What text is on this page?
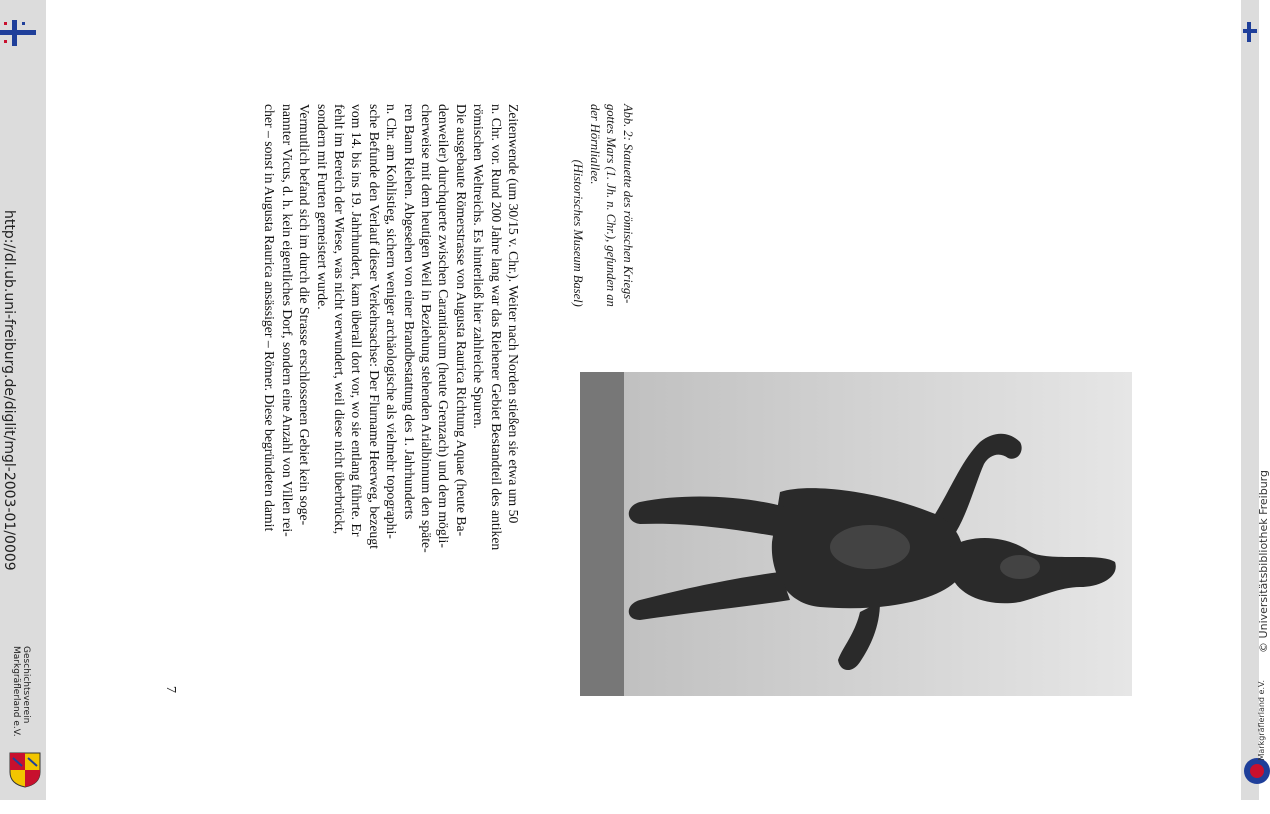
http://dl.ub.uni-freiburg.de/diglit/mgl-2003-01/0009
Geschichtsverein
Markgräflerland e.V.
© Universitätsbibliothek Freiburg
Markgräflerland e.V.
Abb. 2: Statuette des römischen Kriegs-
gottes Mars (1. Jh. n. Chr.), gefunden an
der Hörnliallee.
(Historisches Museum Basel)
Zeitenwende (um 30/15 v. Chr.). Weiter nach Norden stießen sie etwa um 50
n. Chr. vor. Rund 200 Jahre lang war das Riehener Gebiet Bestandteil des antiken
römischen Weltreichs. Es hinterließ hier zahlreiche Spuren.
Die ausgebaute Römerstrasse von Augusta Raurica Richtung Aquae (heute Ba-
denweiler) durchquerte zwischen Carantiacum (heute Grenzach) und dem mögli-
cherweise mit dem heutigen Weil in Beziehung stehenden Arialbinnum den späte-
ren Bann Riehen. Abgesehen von einer Brandbestattung des 1. Jahrhunderts
n. Chr. am Kohlistieg, sichern weniger archäologische als vielmehr topographi-
sche Befunde den Verlauf dieser Verkehrsachse: Der Flurname Heerweg, bezeugt
vom 14. bis ins 19. Jahrhundert, kam überall dort vor, wo sie entlang führte. Er
fehlt im Bereich der Wiese, was nicht verwundert, weil diese nicht überbrückt,
sondern mit Furten gemeistert wurde.
Vermutlich befand sich im durch die Strasse erschlossenen Gebiet kein soge-
nannter Vicus, d. h. kein eigentliches Dorf, sondern eine Anzahl von Villen rei-
cher – sonst in Augusta Raurica ansässiger – Römer. Diese begründeten damit
7
